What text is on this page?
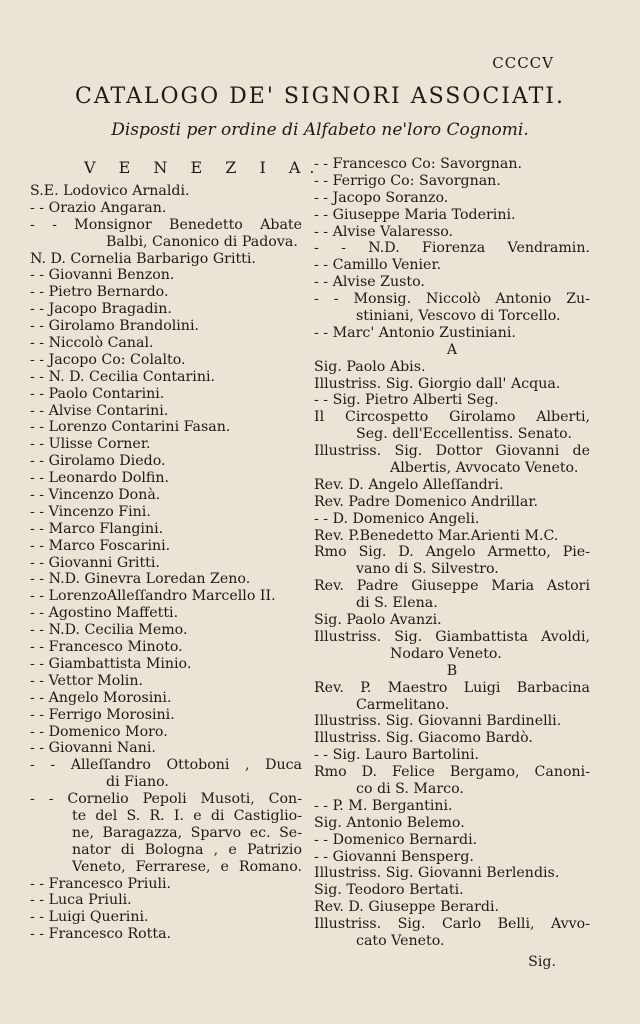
CCCCV
CATALOGO DE' SIGNORI ASSOCIATI.
Disposti per ordine di Alfabeto ne'loro Cognomi.
V E N E Z I A.
S.E. Lodovico Arnaldi.
- - Orazio Angaran.
- - Monsignor Benedetto Abate
Balbi, Canonico di Padova.
N. D. Cornelia Barbarigo Gritti.
- - Giovanni Benzon.
- - Pietro Bernardo.
- - Jacopo Bragadin.
- - Girolamo Brandolini.
- - Niccolò Canal.
- - Jacopo Co: Colalto.
- - N. D. Cecilia Contarini.
- - Paolo Contarini.
- - Alvise Contarini.
- - Lorenzo Contarini Fasan.
- - Ulisse Corner.
- - Girolamo Diedo.
- - Leonardo Dolfin.
- - Vincenzo Donà.
- - Vincenzo Fini.
- - Marco Flangini.
- - Marco Foscarini.
- - Giovanni Gritti.
- - N.D. Ginevra Loredan Zeno.
- - LorenzoAlleſſandro Marcello II.
- - Agostino Maffetti.
- - N.D. Cecilia Memo.
- - Francesco Minoto.
- - Giambattista Minio.
- - Vettor Molin.
- - Angelo Morosini.
- - Ferrigo Morosini.
- - Domenico Moro.
- - Giovanni Nani.
- - Alleſſandro Ottoboni , Duca
di Fiano.
- - Cornelio Pepoli Musoti, Con-
te del S. R. I. e di Castiglio-
ne, Baragazza, Sparvo ec. Se-
nator di Bologna , e Patrizio
Veneto, Ferrarese, e Romano.
- - Francesco Priuli.
- - Luca Priuli.
- - Luigi Querini.
- - Francesco Rotta.
- - Francesco Co: Savorgnan.
- - Ferrigo Co: Savorgnan.
- - Jacopo Soranzo.
- - Giuseppe Maria Toderini.
- - Alvise Valaresso.
- - N.D. Fiorenza Vendramin.
- - Camillo Venier.
- - Alvise Zusto.
- - Monsig. Niccolò Antonio Zu-
stiniani, Vescovo di Torcello.
- - Marc' Antonio Zustiniani.
A
Sig. Paolo Abis.
Illustriss. Sig. Giorgio dall' Acqua.
- - Sig. Pietro Alberti Seg.
Il Circospetto Girolamo Alberti,
Seg. dell'Eccellentiss. Senato.
Illustriss. Sig. Dottor Giovanni de
Albertis, Avvocato Veneto.
Rev. D. Angelo Alleſſandri.
Rev. Padre Domenico Andrillar.
- - D. Domenico Angeli.
Rev. P.Benedetto Mar.Arienti M.C.
Rmo Sig. D. Angelo Armetto, Pie-
vano di S. Silvestro.
Rev. Padre Giuseppe Maria Astori
di S. Elena.
Sig. Paolo Avanzi.
Illustriss. Sig. Giambattista Avoldi,
Nodaro Veneto.
B
Rev. P. Maestro Luigi Barbacina
Carmelitano.
Illustriss. Sig. Giovanni Bardinelli.
Illustriss. Sig. Giacomo Bardò.
- - Sig. Lauro Bartolini.
Rmo D. Felice Bergamo, Canoni-
co di S. Marco.
- - P. M. Bergantini.
Sig. Antonio Belemo.
- - Domenico Bernardi.
- - Giovanni Bensperg.
Illustriss. Sig. Giovanni Berlendis.
Sig. Teodoro Bertati.
Rev. D. Giuseppe Berardi.
Illustriss. Sig. Carlo Belli, Avvo-
cato Veneto.
Sig.
